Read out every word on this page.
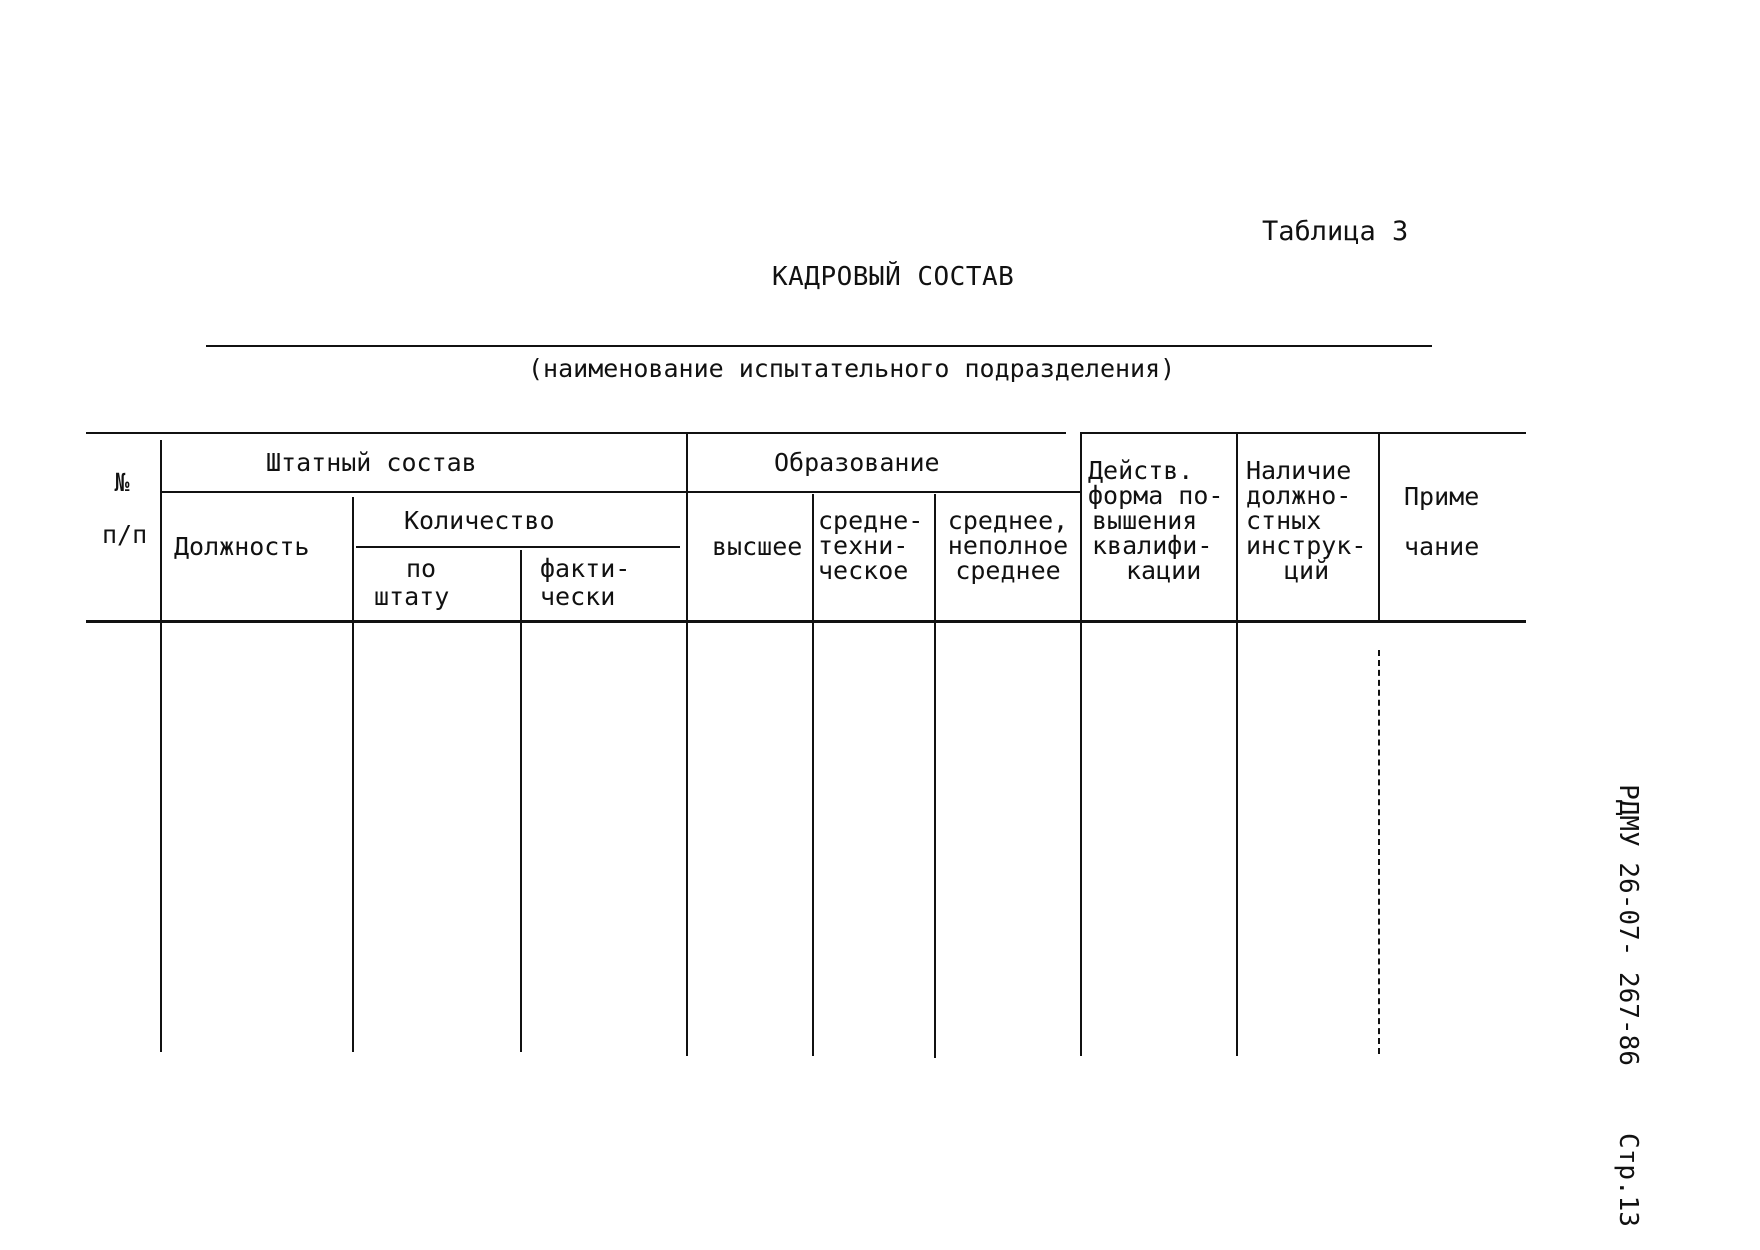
Таблица 3
КАДРОВЫЙ СОСТАВ
(наименование испытательного подразделения)
№
п/п
Штатный состав
Должность
Количество
по
штату
факти-
чески
Образование
высшее
средне-
техни-
ческое
среднее,
неполное
среднее
Действ.
форма по-
вышения
квалифи-
кации
Наличие
должно-
стных
инструк-
ций
Приме
чание
РДМУ 26-07- 267-86
Стр.13
